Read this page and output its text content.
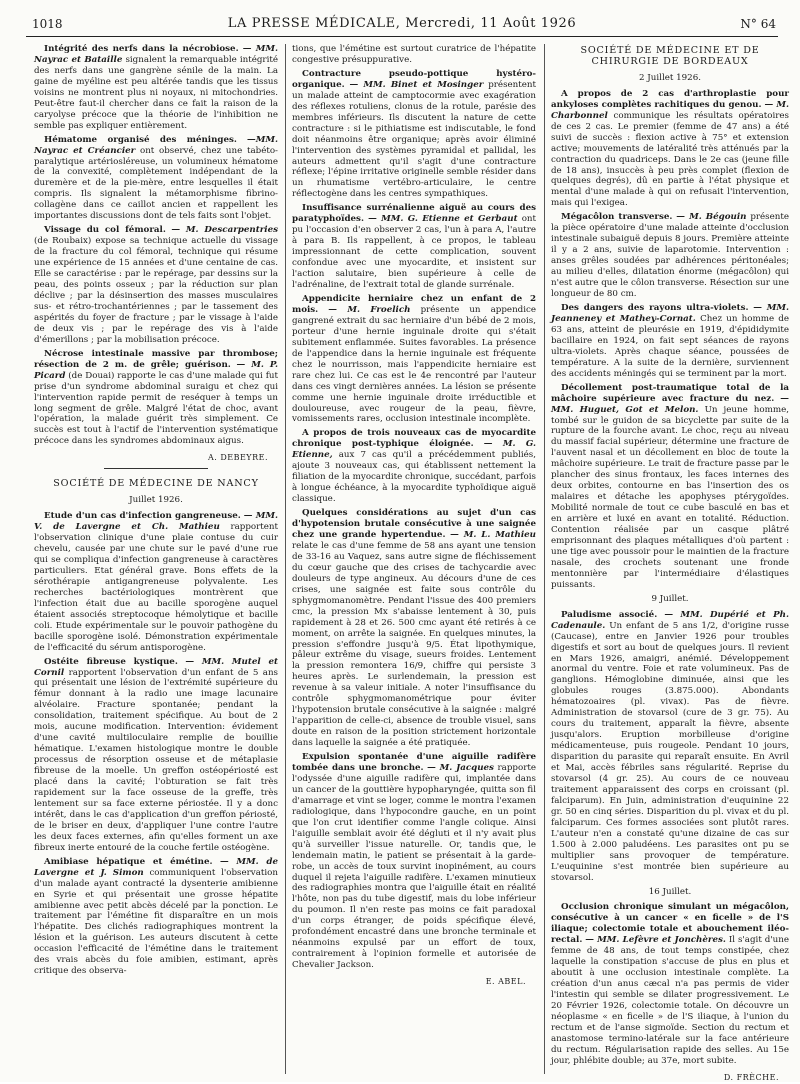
1018	LA PRESSE MÉDICALE, Mercredi, 11 Août 1926	N° 64

Intégrité des nerfs dans la nécrobiose. — MM. Nayrac et Bataille signalent la remarquable intégrité des nerfs dans une gangrène sénile de la main. La gaine de myéline est peu altérée tandis que les tissus voisins ne montrent plus ni noyaux, ni mitochondries. Peut-être faut-il chercher dans ce fait la raison de la caryolyse précoce que la théorie de l'inhibition ne semble pas expliquer entièrement.

Hématome organisé des méninges. —MM. Nayrac et Créancier ont observé, chez une tabéto-paralytique artériosléreuse, un volumineux hématome de la convexité, complètement indépendant de la duremère et de la pie-mère, entre lesquelles il était compris. Ils signalent la métamorphisme fibrino-collagène dans ce caillot ancien et rappellent les importantes discussions dont de tels faits sont l'objet.

Vissage du col fémoral. — M. Descarpentries (de Roubaix) expose sa technique actuelle du vissage de la fracture du col fémoral, technique qui résume une expérience de 15 années et d'une centaine de cas. Elle se caractérise : par le repérage, par dessins sur la peau, des points osseux ; par la réduction sur plan déclive ; par la désinsertion des masses musculaires sus- et rétro-trochantériennes ; par le tassement des aspérités du foyer de fracture ; par le vissage à l'aide de deux vis ; par le repérage des vis à l'aide d'émerillons ; par la mobilisation précoce.

Nécrose intestinale massive par thrombose; résection de 2 m. de grêle; guérison. — M. P. Picard (de Douai) rapporte le cas d'une malade qui fut prise d'un syndrome abdominal suraigu et chez qui l'intervention rapide permit de reséquer à temps un long segment de grêle. Malgré l'état de choc, avant l'opération, la malade guérit très simplement. Ce succès est tout à l'actif de l'intervention systématique précoce dans les syndromes abdominaux aigus.

A. DEBEYRE.

SOCIÉTÉ DE MÉDECINE DE NANCY

Juillet 1926.

Etude d'un cas d'infection gangreneuse. — MM. V. de Lavergne et Ch. Mathieu rapportent l'observation clinique d'une plaie contuse du cuir chevelu, causée par une chute sur le pavé d'une rue qui se compliqua d'infection gangreneuse à caractères particuliers. Etat général grave. Bons effets de la sérothérapie antigangreneuse polyvalente. Les recherches bactériologiques montrèrent que l'infection était due au bacille sporogène auquel étaient associés streptocoque hémolytique et bacille coli. Etude expérimentale sur le pouvoir pathogène du bacille sporogène isolé. Démonstration expérimentale de l'efficacité du sérum antisporogène.

Ostéite fibreuse kystique. — MM. Mutel et Cornil rapportent l'observation d'un enfant de 5 ans qui présentait une lésion de l'extrémité supérieure du fémur donnant à la radio une image lacunaire alvéolaire. Fracture spontanée; pendant la consolidation, traitement spécifique. Au bout de 2 mois, aucune modification. Intervention: évidement d'une cavité multiloculaire remplie de bouillie hématique. L'examen histologique montre le double processus de résorption osseuse et de métaplasie fibreuse de la moelle. Un greffon ostéopériosté est placé dans la cavité; l'obturation se fait très rapidement sur la face osseuse de la greffe, très lentement sur sa face externe périostée. Il y a donc intérêt, dans le cas d'application d'un greffon périosté, de le briser en deux, d'appliquer l'une contre l'autre les deux faces externes, afin qu'elles forment un axe fibreux inerte entouré de la couche fertile ostéogène.

Amibiase hépatique et émétine. — MM. de Lavergne et J. Simon communiquent l'observation d'un malade ayant contracté la dysenterie amibienne en Syrie et qui présentait une grosse hépatite amibienne avec petit abcès décelé par la ponction. Le traitement par l'émétine fit disparaître en un mois l'hépatite. Des clichés radiographiques montrent la lésion et la guérison. Les auteurs discutent à cette occasion l'efficacité de l'émétine dans le traitement des vrais abcès du foie amibien, estimant, après critique des observa-

tions, que l'émétine est surtout curatrice de l'hépatite congestive présuppurative.

Contracture pseudo-pottique hystéro-organique. — MM. Binet et Mosinger présentent un malade atteint de camptocormie avec exagération des réflexes rotuliens, clonus de la rotule, parésie des membres inférieurs. Ils discutent la nature de cette contracture : si le pithiatisme est indiscutable, le fond doit néanmoins être organique; après avoir éliminé l'intervention des systèmes pyramidal et pallidal, les auteurs admettent qu'il s'agit d'une contracture réflexe; l'épine irritative originelle semble résider dans un rhumatisme vertébro-articulaire, le centre réflectogène dans les centres sympathiques.

Insuffisance surrénalienne aiguë au cours des paratyphoïdes. — MM. G. Etienne et Gerbaut ont pu l'occasion d'en observer 2 cas, l'un à para A, l'autre à para B. Ils rappellent, à ce propos, le tableau impressionnant de cette complication, souvent confondue avec une myocardite, et insistent sur l'action salutaire, bien supérieure à celle de l'adrénaline, de l'extrait total de glande surrénale.

Appendicite herniaire chez un enfant de 2 mois. — M. Froelich présente un appendice gangrené extrait du sac herniaire d'un bébé de 2 mois, porteur d'une hernie inguinale droite qui s'était subitement enflammée. Suites favorables. La présence de l'appendice dans la hernie inguinale est fréquente chez le nourrisson, mais l'appendicite herniaire est rare chez lui. Ce cas est le 4e rencontré par l'auteur dans ces vingt dernières années. La lésion se présente comme une hernie inguinale droite irréductible et douloureuse, avec rougeur de la peau, fièvre, vomissements rares, occlusion intestinale incomplète.

A propos de trois nouveaux cas de myocardite chronique post-typhique éloignée. — M. G. Etienne, aux 7 cas qu'il a précédemment publiés, ajoute 3 nouveaux cas, qui établissent nettement la filiation de la myocardite chronique, succédant, parfois à longue échéance, à la myocardite typhoïdique aiguë classique.

Quelques considérations au sujet d'un cas d'hypotension brutale consécutive à une saignée chez une grande hypertendue. — M. L. Mathieu relate le cas d'une femme de 58 ans ayant une tension de 33-16 au Vaquez, sans autre signe de fléchissement du cœur gauche que des crises de tachycardie avec douleurs de type angineux. Au décours d'une de ces crises, une saignée est faite sous contrôle du sphygmomanomètre. Pendant l'issue des 400 premiers cmc, la pression Mx s'abaisse lentement à 30, puis rapidement à 28 et 26. 500 cmc ayant été retirés à ce moment, on arrête la saignée. En quelques minutes, la pression s'effondre jusqu'à 9/5. État lipothymique, pâleur extrême du visage, sueurs froides. Lentement la pression remontera 16/9, chiffre qui persiste 3 heures après. Le surlendemain, la pression est revenue à sa valeur initiale. A noter l'insuffisance du contrôle sphygmomanométrique pour éviter l'hypotension brutale consécutive à la saignée : malgré l'apparition de celle-ci, absence de trouble visuel, sans doute en raison de la position strictement horizontale dans laquelle la saignée a été pratiquée.

Expulsion spontanée d'une aiguille radifère tombée dans une bronche. — M. Jacques rapporte l'odyssée d'une aiguille radifère qui, implantée dans un cancer de la gouttière hypopharyngée, quitta son fil d'amarrage et vint se loger, comme le montra l'examen radiologique, dans l'hypocondre gauche, en un point que l'on crut identifier comme l'angle colique. Ainsi l'aiguille semblait avoir été dégluti et il n'y avait plus qu'à surveiller l'issue naturelle. Or, tandis que, le lendemain matin, le patient se présentait à la garde-robe, un accès de toux survint inopinément, au cours duquel il rejeta l'aiguille radifère. L'examen minutieux des radiographies montra que l'aiguille était en réalité l'hôte, non pas du tube digestif, mais du lobe inférieur du poumon. Il n'en reste pas moins ce fait paradoxal d'un corps étranger, de poids spécifique élevé, profondément encastré dans une bronche terminale et néanmoins expulsé par un effort de toux, contrairement à l'opinion formelle et autorisée de Chevalier Jackson.

E. ABEL.

SOCIÉTÉ DE MÉDECINE ET DE CHIRURGIE DE BORDEAUX

2 Juillet 1926.

A propos de 2 cas d'arthroplastie pour ankyloses complètes rachitiques du genou. — M. Charbonnel communique les résultats opératoires de ces 2 cas. Le premier (femme de 47 ans) a été suivi de succès : flexion active à 75° et extension active; mouvements de latéralité très atténués par la contraction du quadriceps. Dans le 2e cas (jeune fille de 18 ans), insuccès à peu près complet (flexion de quelques degrés), dû en partie à l'état physique et mental d'une malade à qui on refusait l'intervention, mais qui l'exigea.

Mégacôlon transverse. — M. Bégouin présente la pièce opératoire d'une malade atteinte d'occlusion intestinale subaiguë depuis 8 jours. Première atteinte il y a 2 ans, suivie de laparotomie. Intervention : anses grêles soudées par adhérences péritonéales; au milieu d'elles, dilatation énorme (mégacôlon) qui n'est autre que le côlon transverse. Résection sur une longueur de 80 cm.

Des dangers des rayons ultra-violets. — MM. Jeanneney et Mathey-Cornat. Chez un homme de 63 ans, atteint de pleurésie en 1919, d'épididymite bacillaire en 1924, on fait sept séances de rayons ultra-violets. Après chaque séance, poussées de température. A la suite de la dernière, surviennent des accidents méningés qui se terminent par la mort.

Décollement post-traumatique total de la mâchoire supérieure avec fracture du nez. — MM. Huguet, Got et Melon. Un jeune homme, tombé sur le guidon de sa bicyclette par suite de la rupture de la fourche avant. Le choc, reçu au niveau du massif facial supérieur, détermine une fracture de l'auvent nasal et un décollement en bloc de toute la mâchoire supérieure. Le trait de fracture passe par le plancher des sinus frontaux, les faces internes des deux orbites, contourne en bas l'insertion des os malaires et détache les apophyses ptérygoïdes. Mobilité normale de tout ce cube basculé en bas et en arrière et luxé en avant en totalité. Réduction. Contention réalisée par un casque plâtré emprisonnant des plaques métalliques d'où partent : une tige avec poussoir pour le maintien de la fracture nasale, des crochets soutenant une fronde mentonnière par l'intermédiaire d'élastiques puissants.

9 Juillet.

Paludisme associé. — MM. Dupérié et Ph. Cadenaule. Un enfant de 5 ans 1/2, d'origine russe (Caucase), entre en Janvier 1926 pour troubles digestifs et sort au bout de quelques jours. Il revient en Mars 1926, amaigri, anémié. Développement anormal du ventre. Foie et rate volumineux. Pas de ganglions. Hémoglobine diminuée, ainsi que les globules rouges (3.875.000). Abondants hématozoaires (pl. vivax). Pas de fièvre. Administration de stovarsol (cure de 3 gr. 75). Au cours du traitement, apparaît la fièvre, absente jusqu'alors. Eruption morbilleuse d'origine médicamenteuse, puis rougeole. Pendant 10 jours, disparition du parasite qui reparaît ensuite. En Avril et Mai, accès fébriles sans régularité. Reprise du stovarsol (4 gr. 25). Au cours de ce nouveau traitement apparaissent des corps en croissant (pl. falciparum). En Juin, administration d'euquinine 22 gr. 50 en cinq séries. Disparition du pl. vivax et du pl. falciparum. Ces formes associées sont plutôt rares. L'auteur n'en a constaté qu'une dizaine de cas sur 1.500 à 2.000 paludéens. Les parasites ont pu se multiplier sans provoquer de température. L'euquinine s'est montrée bien supérieure au stovarsol.

16 Juillet.

Occlusion chronique simulant un mégacôlon, consécutive à un cancer « en ficelle » de l'S iliaque; colectomie totale et abouchement iléo-rectal. — MM. Lefèvre et Jonchères. Il s'agit d'une femme de 48 ans, de tout temps constipée, chez laquelle la constipation s'accuse de plus en plus et aboutit à une occlusion intestinale complète. La création d'un anus cæcal n'a pas permis de vider l'intestin qui semble se dilater progressivement. Le 20 Février 1926, colectomie totale. On découvre un néoplasme « en ficelle » de l'S iliaque, à l'union du rectum et de l'anse sigmoïde. Section du rectum et anastomose termino-latérale sur la face antérieure du rectum. Régularisation rapide des selles. Au 15e jour, phlébite double; au 37e, mort subite.

D. FRÈCHE.
